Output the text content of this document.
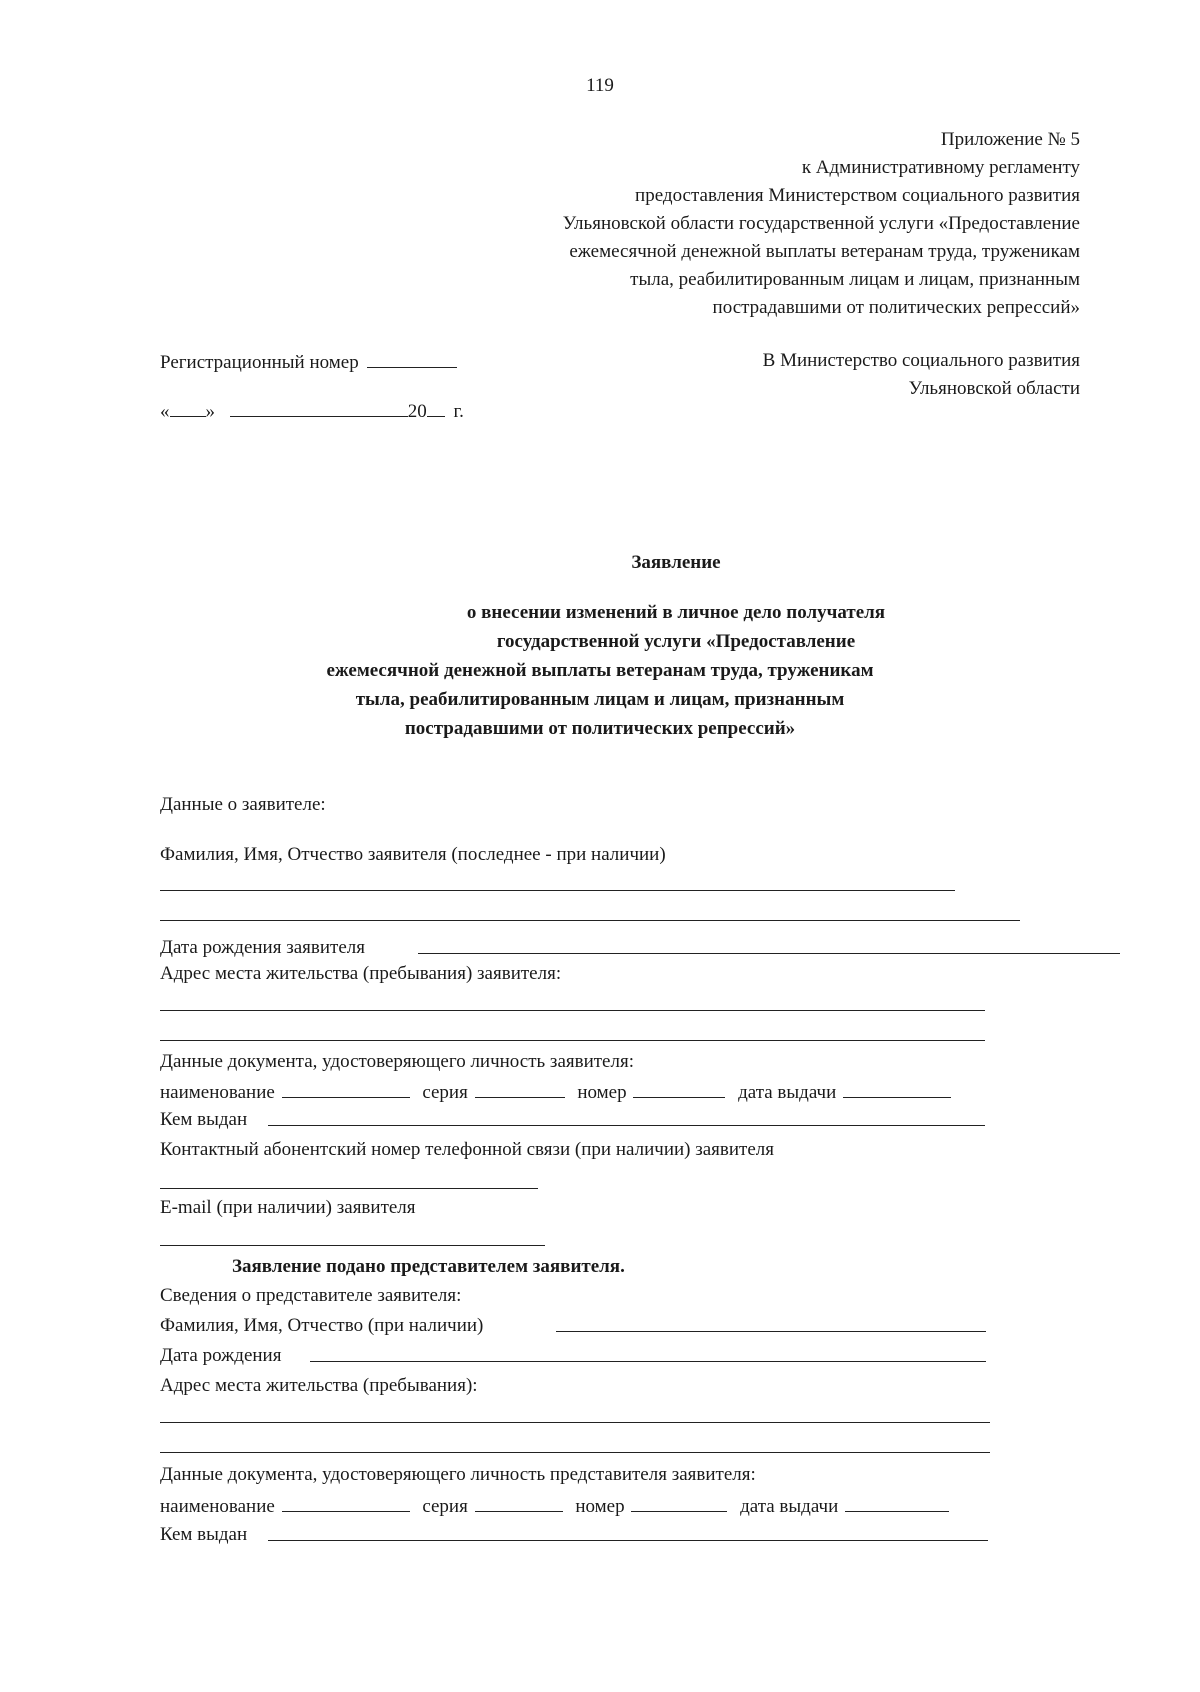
119
Приложение № 5
к Административному регламенту
предоставления Министерством социального развития
Ульяновской области государственной услуги «Предоставление
ежемесячной денежной выплаты ветеранам труда, труженикам
тыла, реабилитированным лицам и лицам, признанным
пострадавшими от политических репрессий»
Регистрационный номер
« »	20 г.
В Министерство социального развития
Ульяновской области
Заявление
о внесении изменений в личное дело получателя
государственной услуги «Предоставление
ежемесячной денежной выплаты ветеранам труда, труженикам
тыла, реабилитированным лицам и лицам, признанным
пострадавшими от политических репрессий»
Данные о заявителе:
Фамилия, Имя, Отчество заявителя (последнее - при наличии)
Дата рождения заявителя
Адрес места жительства (пребывания) заявителя:
Данные документа, удостоверяющего личность заявителя:
наименование	серия	номер	дата выдачи
Кем выдан
Контактный абонентский номер телефонной связи (при наличии) заявителя
E-mail (при наличии) заявителя
Заявление подано представителем заявителя.
Сведения о представителе заявителя:
Фамилия, Имя, Отчество (при наличии)
Дата рождения
Адрес места жительства (пребывания):
Данные документа, удостоверяющего личность представителя заявителя:
наименование	серия	номер	дата выдачи
Кем выдан
